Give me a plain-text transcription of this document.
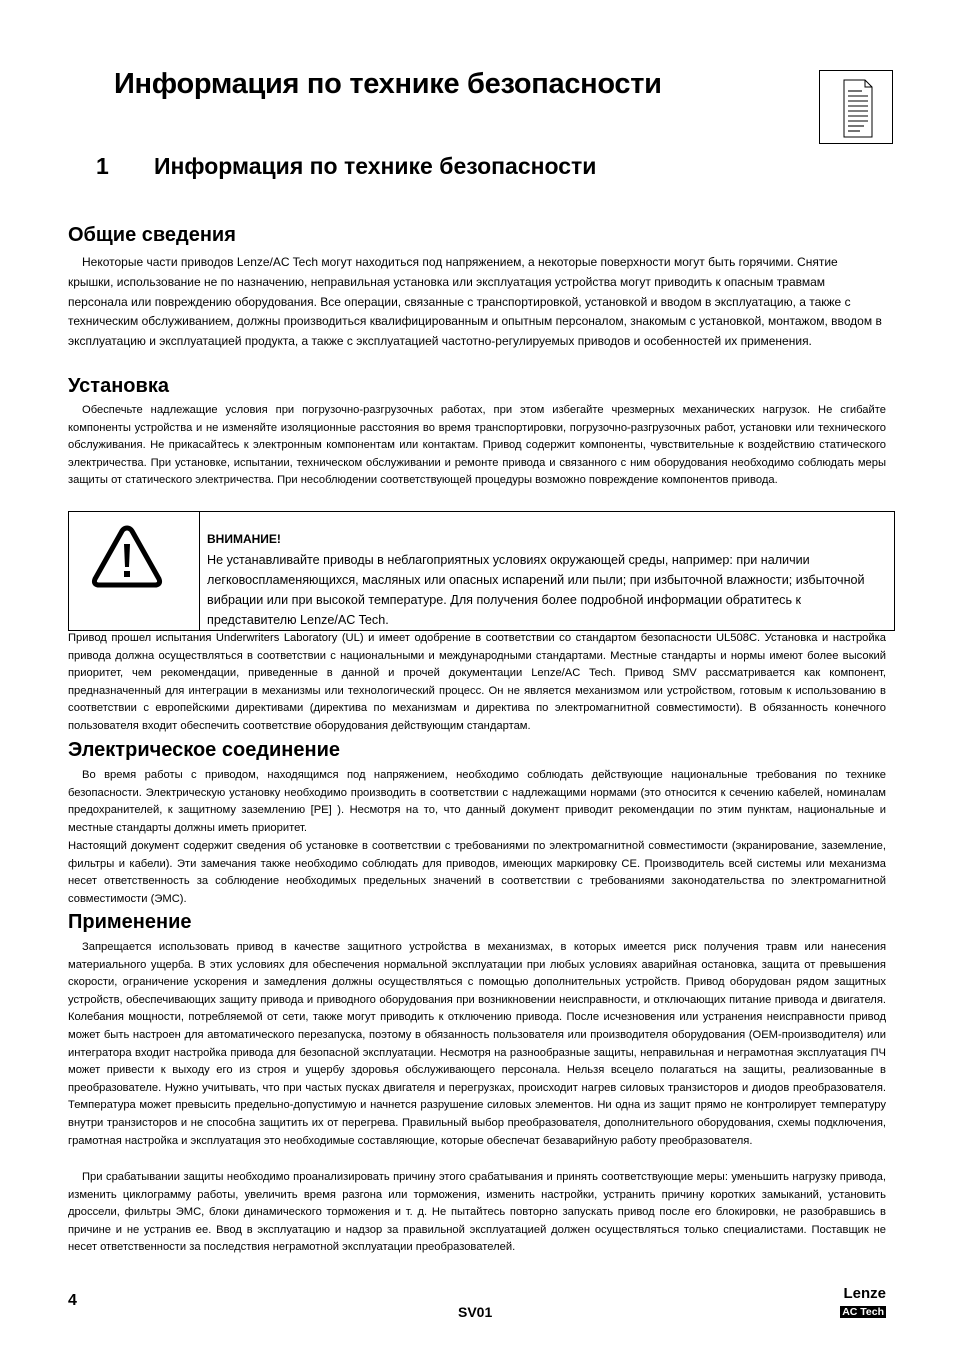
Информация по технике безопасности
1 Информация по технике безопасности
Общие сведения

Некоторые части приводов Lenze/AC Tech могут находиться под напряжением, а некоторые поверхности могут быть горячими. Снятие крышки, использование не по назначению, неправильная установка или эксплуатация устройства могут приводить к опасным травмам персонала или повреждению оборудования. Все операции, связанные с транспортировкой, установкой и вводом в эксплуатацию, а также с техническим обслуживанием, должны производиться квалифицированным и опытным персоналом, знакомым с установкой, монтажом, вводом в эксплуатацию и эксплуатацией продукта, а также с эксплуатацией частотно-регулируемых приводов и особенностей их применения.

Установка

Обеспечьте надлежащие условия при погрузочно-разгрузочных работах, при этом избегайте чрезмерных механических нагрузок. Не сгибайте компоненты устройства и не изменяйте изоляционные расстояния во время транспортировки, погрузочно-разгрузочных работ, установки или технического обслуживания. Не прикасайтесь к электронным компонентам или контактам. Привод содержит компоненты, чувствительные к воздействию статического электричества. При установке, испытании, техническом обслуживании и ремонте привода и связанного с ним оборудования необходимо соблюдать меры защиты от статического электричества. При несоблюдении соответствующей процедуры возможно повреждение компонентов привода.

ВНИМАНИЕ!

Не устанавливайте приводы в неблагоприятных условиях окружающей среды, например: при наличии легковоспламеняющихся, масляных или опасных испарений или пыли; при избыточной влажности; избыточной вибрации или при высокой температуре. Для получения более подробной информации обратитесь к представителю Lenze/AC Tech.

Привод прошел испытания Underwriters Laboratory (UL) и имеет одобрение в соответствии со стандартом безопасности UL508C. Установка и настройка привода должна осуществляться в соответствии с национальными и международными стандартами. Местные стандарты и нормы имеют более высокий приоритет, чем рекомендации, приведенные в данной и прочей документации Lenze/AC Tech. Привод SMV рассматривается как компонент, предназначенный для интеграции в механизмы или технологический процесс. Он не является механизмом или устройством, готовым к использованию в соответствии с европейскими директивами (директива по механизмам и директива по электромагнитной совместимости). В обязанность конечного пользователя входит обеспечить соответствие оборудования действующим стандартам.

Электрическое соединение

Во время работы с приводом, находящимся под напряжением, необходимо соблюдать действующие национальные требования по технике безопасности. Электрическую установку необходимо производить в соответствии с надлежащими нормами (это относится к сечению кабелей, номиналам предохранителей, к защитному заземлению [PE] ). Несмотря на то, что данный документ приводит рекомендации по этим пунктам, национальные и местные стандарты должны иметь приоритет.

Настоящий документ содержит сведения об установке в соответствии с требованиями по электромагнитной совместимости (экранирование, заземление, фильтры и кабели). Эти замечания также необходимо соблюдать для приводов, имеющих маркировку CE. Производитель всей системы или механизма несет ответственность за соблюдение необходимых предельных значений в соответствии с требованиями законодательства по электромагнитной совместимости (ЭМС).

Применение

Запрещается использовать привод в качестве защитного устройства в механизмах, в которых имеется риск получения травм или нанесения материального ущерба. В этих условиях для обеспечения нормальной эксплуатации при любых условиях аварийная остановка, защита от превышения скорости, ограничение ускорения и замедления должны осуществляться с помощью дополнительных устройств. Привод оборудован рядом защитных устройств, обеспечивающих защиту привода и приводного оборудования при возникновении неисправности, и отключающих питание привода и двигателя. Колебания мощности, потребляемой от сети, также могут приводить к отключению привода. После исчезновения или устранения неисправности привод может быть настроен для автоматического перезапуска, поэтому в обязанность пользователя или производителя оборудования (OEM-производителя) или интегратора входит настройка привода для безопасной эксплуатации. Несмотря на разнообразные защиты, неправильная и неграмотная эксплуатация ПЧ может привести к выходу его из строя и ущербу здоровья обслуживающего персонала. Нельзя всецело полагаться на защиты, реализованные в преобразователе. Нужно учитывать, что при частых пусках двигателя и перегрузках, происходит нагрев силовых транзисторов и диодов преобразователя. Температура может превысить предельно-допустимую и начнется разрушение силовых элементов. Ни одна из защит прямо не контролирует температуру внутри транзисторов и не способна защитить их от перегрева. Правильный выбор преобразователя, дополнительного оборудования, схемы подключения, грамотная настройка и эксплуатация это необходимые составляющие, которые обеспечат безаварийную работу преобразователя.

При срабатывании защиты необходимо проанализировать причину этого срабатывания и принять соответствующие меры: уменьшить нагрузку привода, изменить циклограмму работы, увеличить время разгона или торможения, изменить настройки, устранить причину коротких замыканий, установить дроссели, фильтры ЭМС, блоки динамического торможения и т. д. Не пытайтесь повторно запускать привод после его блокировки, не разобравшись в причине и не устранив ее. Ввод в эксплуатацию и надзор за правильной эксплуатацией должен осуществляться только специалистами. Поставщик не несет ответственности за последствия неграмотной эксплуатации преобразователей.

4
SV01
Lenze
AC Tech
